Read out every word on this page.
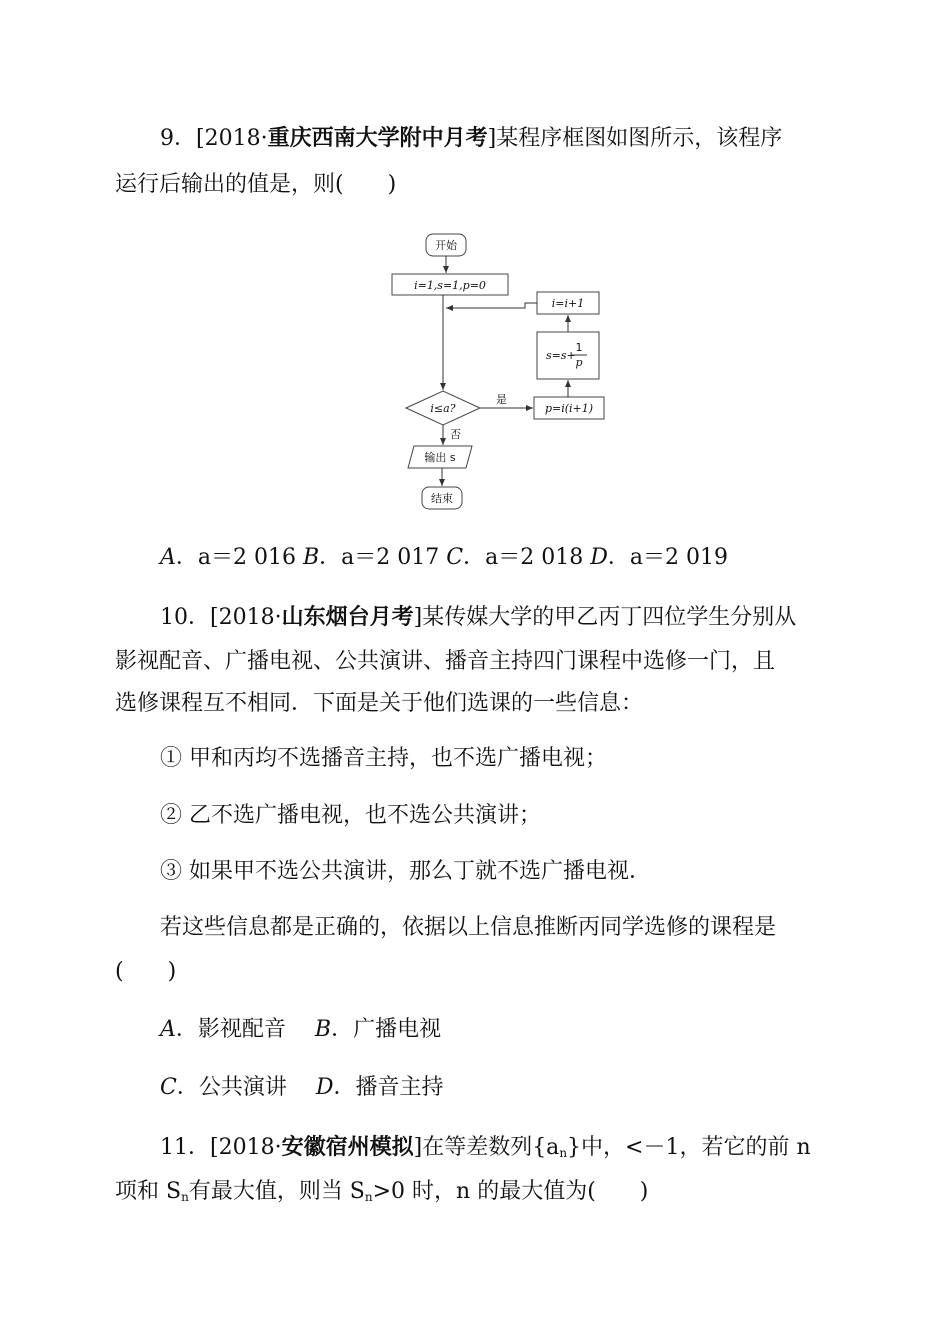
9．[2018·重庆西南大学附中月考]某程序框图如图所示，该程序
运行后输出的值是，则(　　)
开始
i=1,s=1,p=0
i=i+1
s=s+
1
p
i≤a?
是
否
p=i(i+1)
输出 s
结束
A．a＝2 016 B．a＝2 017 C．a＝2 018 D．a＝2 019
10．[2018·山东烟台月考]某传媒大学的甲乙丙丁四位学生分别从
影视配音、广播电视、公共演讲、播音主持四门课程中选修一门，且
选修课程互不相同．下面是关于他们选课的一些信息：
① 甲和丙均不选播音主持，也不选广播电视；
② 乙不选广播电视，也不选公共演讲；
③ 如果甲不选公共演讲，那么丁就不选广播电视．
若这些信息都是正确的，依据以上信息推断丙同学选修的课程是
(　　)
A．影视配音　 B．广播电视
C．公共演讲　 D．播音主持
11．[2018·安徽宿州模拟]在等差数列$\{a_n\}$中，<－1，若它的前 n
项和 $S_n$有最大值，则当 $S_n>0$ 时，n 的最大值为(　　)
